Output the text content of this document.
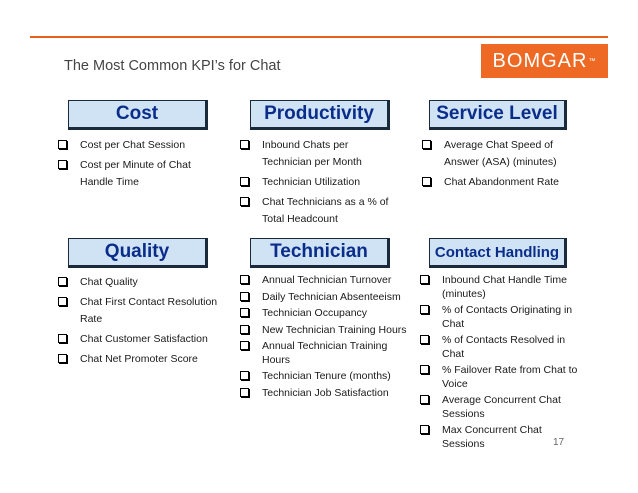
BOMGAR ™
The Most Common KPI’s for Chat
Cost	Productivity	Service Level
Cost per Chat Session
Cost per Minute of Chat Handle Time
Inbound Chats per Technician per Month
Technician Utilization
Chat Technicians as a % of Total Headcount
Average Chat Speed of Answer (ASA) (minutes)
Chat Abandonment Rate
Quality	Technician	Contact Handling
Chat Quality
Chat First Contact Resolution Rate
Chat Customer Satisfaction
Chat Net Promoter Score
Annual Technician Turnover
Daily Technician Absenteeism
Technician Occupancy
New Technician Training Hours
Annual Technician Training Hours
Technician Tenure (months)
Technician Job Satisfaction
Inbound Chat Handle Time (minutes)
% of Contacts Originating in Chat
% of Contacts Resolved in Chat
% Failover Rate from Chat to Voice
Average Concurrent Chat Sessions
Max Concurrent Chat Sessions	17
